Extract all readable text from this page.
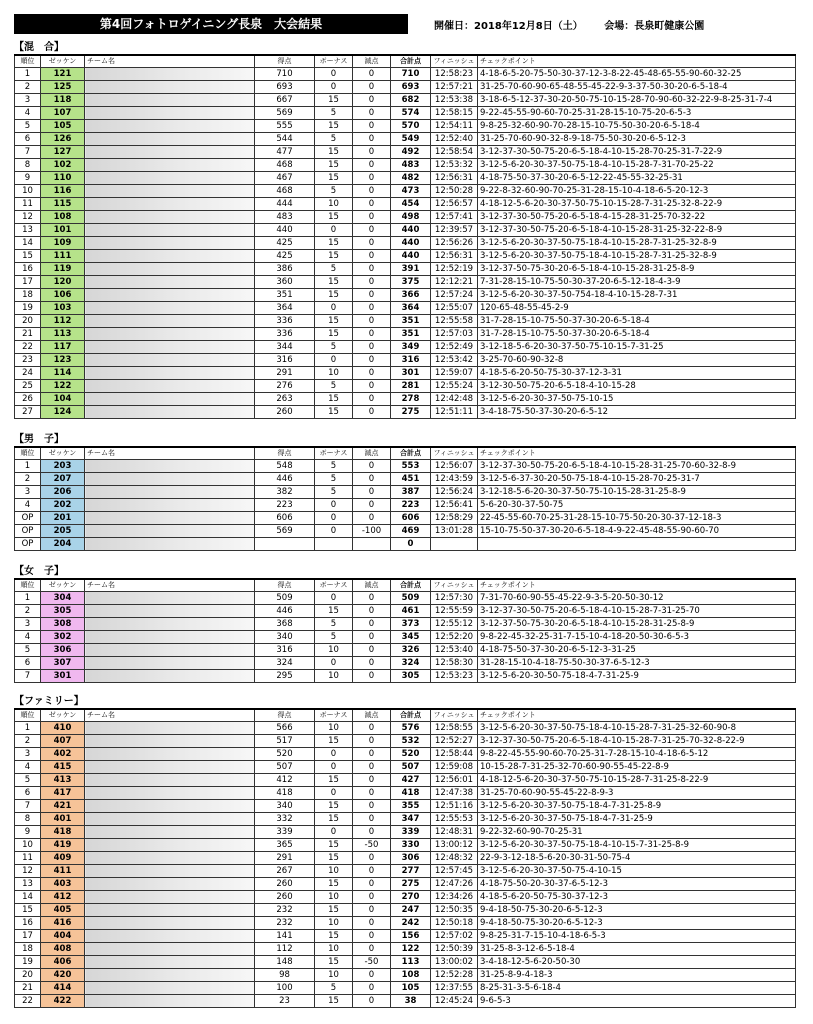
第4回フォトロゲイニング長泉　大会結果	開催日：2018年12月8日（土） 会場：長泉町健康公園
【混　合】
順位	ゼッケン	チーム名	得点	ボーナス	減点	合計点	フィニッシュ	チェックポイント
1	121		710	0	0	710	12:58:23	4-18-6-5-20-75-50-30-37-12-3-8-22-45-48-65-55-90-60-32-25
2	125		693	0	0	693	12:57:21	31-25-70-60-90-65-48-55-45-22-9-3-37-50-30-20-6-5-18-4
3	118		667	15	0	682	12:53:38	3-18-6-5-12-37-30-20-50-75-10-15-28-70-90-60-32-22-9-8-25-31-7-4
4	107		569	5	0	574	12:58:15	9-22-45-55-90-60-70-25-31-28-15-10-75-20-6-5-3
5	105		555	15	0	570	12:54:11	9-8-25-32-60-90-70-28-15-10-75-50-30-20-6-5-18-4
6	126		544	5	0	549	12:52:40	31-25-70-60-90-32-8-9-18-75-50-30-20-6-5-12-3
7	127		477	15	0	492	12:58:54	3-12-37-30-50-75-20-6-5-18-4-10-15-28-70-25-31-7-22-9
8	102		468	15	0	483	12:53:32	3-12-5-6-20-30-37-50-75-18-4-10-15-28-7-31-70-25-22
9	110		467	15	0	482	12:56:31	4-18-75-50-37-30-20-6-5-12-22-45-55-32-25-31
10	116		468	5	0	473	12:50:28	9-22-8-32-60-90-70-25-31-28-15-10-4-18-6-5-20-12-3
11	115		444	10	0	454	12:56:57	4-18-12-5-6-20-30-37-50-75-10-15-28-7-31-25-32-8-22-9
12	108		483	15	0	498	12:57:41	3-12-37-30-50-75-20-6-5-18-4-15-28-31-25-70-32-22
13	101		440	0	0	440	12:39:57	3-12-37-30-50-75-20-6-5-18-4-10-15-28-31-25-32-22-8-9
14	109		425	15	0	440	12:56:26	3-12-5-6-20-30-37-50-75-18-4-10-15-28-7-31-25-32-8-9
15	111		425	15	0	440	12:56:31	3-12-5-6-20-30-37-50-75-18-4-10-15-28-7-31-25-32-8-9
16	119		386	5	0	391	12:52:19	3-12-37-50-75-30-20-6-5-18-4-10-15-28-31-25-8-9
17	120		360	15	0	375	12:12:21	7-31-28-15-10-75-50-30-37-20-6-5-12-18-4-3-9
18	106		351	15	0	366	12:57:24	3-12-5-6-20-30-37-50-754-18-4-10-15-28-7-31
19	103		364	0	0	364	12:55:07	120-65-48-55-45-2-9
20	112		336	15	0	351	12:55:58	31-7-28-15-10-75-50-37-30-20-6-5-18-4
21	113		336	15	0	351	12:57:03	31-7-28-15-10-75-50-37-30-20-6-5-18-4
22	117		344	5	0	349	12:52:49	3-12-18-5-6-20-30-37-50-75-10-15-7-31-25
23	123		316	0	0	316	12:53:42	3-25-70-60-90-32-8
24	114		291	10	0	301	12:59:07	4-18-5-6-20-50-75-30-37-12-3-31
25	122		276	5	0	281	12:55:24	3-12-30-50-75-20-6-5-18-4-10-15-28
26	104		263	15	0	278	12:42:48	3-12-5-6-20-30-37-50-75-10-15
27	124		260	15	0	275	12:51:11	3-4-18-75-50-37-30-20-6-5-12
【男　子】
順位	ゼッケン	チーム名	得点	ボーナス	減点	合計点	フィニッシュ	チェックポイント
1	203		548	5	0	553	12:56:07	3-12-37-30-50-75-20-6-5-18-4-10-15-28-31-25-70-60-32-8-9
2	207		446	5	0	451	12:43:59	3-12-5-6-37-30-20-50-75-18-4-10-15-28-70-25-31-7
3	206		382	5	0	387	12:56:24	3-12-18-5-6-20-30-37-50-75-10-15-28-31-25-8-9
4	202		223	0	0	223	12:56:41	5-6-20-30-37-50-75
OP	201		606	0	0	606	12:58:29	22-45-55-60-70-25-31-28-15-10-75-50-20-30-37-12-18-3
OP	205		569	0	-100	469	13:01:28	15-10-75-50-37-30-20-6-5-18-4-9-22-45-48-55-90-60-70
OP	204					0		
【女　子】
順位	ゼッケン	チーム名	得点	ボーナス	減点	合計点	フィニッシュ	チェックポイント
1	304		509	0	0	509	12:57:30	7-31-70-60-90-55-45-22-9-3-5-20-50-30-12
2	305		446	15	0	461	12:55:59	3-12-37-30-50-75-20-6-5-18-4-10-15-28-7-31-25-70
3	308		368	5	0	373	12:55:12	3-12-37-50-75-30-20-6-5-18-4-10-15-28-31-25-8-9
4	302		340	5	0	345	12:52:20	9-8-22-45-32-25-31-7-15-10-4-18-20-50-30-6-5-3
5	306		316	10	0	326	12:53:40	4-18-75-50-37-30-20-6-5-12-3-31-25
6	307		324	0	0	324	12:58:30	31-28-15-10-4-18-75-50-30-37-6-5-12-3
7	301		295	10	0	305	12:53:23	3-12-5-6-20-30-50-75-18-4-7-31-25-9
【ファミリー】
順位	ゼッケン	チーム名	得点	ボーナス	減点	合計点	フィニッシュ	チェックポイント
1	410		566	10	0	576	12:58:55	3-12-5-6-20-30-37-50-75-18-4-10-15-28-7-31-25-32-60-90-8
2	407		517	15	0	532	12:52:27	3-12-37-30-50-75-20-6-5-18-4-10-15-28-7-31-25-70-32-8-22-9
3	402		520	0	0	520	12:58:44	9-8-22-45-55-90-60-70-25-31-7-28-15-10-4-18-6-5-12
4	415		507	0	0	507	12:59:08	10-15-28-7-31-25-32-70-60-90-55-45-22-8-9
5	413		412	15	0	427	12:56:01	4-18-12-5-6-20-30-37-50-75-10-15-28-7-31-25-8-22-9
6	417		418	0	0	418	12:47:38	31-25-70-60-90-55-45-22-8-9-3
7	421		340	15	0	355	12:51:16	3-12-5-6-20-30-37-50-75-18-4-7-31-25-8-9
8	401		332	15	0	347	12:55:53	3-12-5-6-20-30-37-50-75-18-4-7-31-25-9
9	418		339	0	0	339	12:48:31	9-22-32-60-90-70-25-31
10	419		365	15	-50	330	13:00:12	3-12-5-6-20-30-37-50-75-18-4-10-15-7-31-25-8-9
11	409		291	15	0	306	12:48:32	22-9-3-12-18-5-6-20-30-31-50-75-4
12	411		267	10	0	277	12:57:45	3-12-5-6-20-30-37-50-75-4-10-15
13	403		260	15	0	275	12:47:26	4-18-75-50-20-30-37-6-5-12-3
14	412		260	10	0	270	12:34:26	4-18-5-6-20-50-75-30-37-12-3
15	405		232	15	0	247	12:50:35	9-4-18-50-75-30-20-6-5-12-3
16	416		232	10	0	242	12:50:18	9-4-18-50-75-30-20-6-5-12-3
17	404		141	15	0	156	12:57:02	9-8-25-31-7-15-10-4-18-6-5-3
18	408		112	10	0	122	12:50:39	31-25-8-3-12-6-5-18-4
19	406		148	15	-50	113	13:00:02	3-4-18-12-5-6-20-50-30
20	420		98	10	0	108	12:52:28	31-25-8-9-4-18-3
21	414		100	5	0	105	12:37:55	8-25-31-3-5-6-18-4
22	422		23	15	0	38	12:45:24	9-6-5-3
